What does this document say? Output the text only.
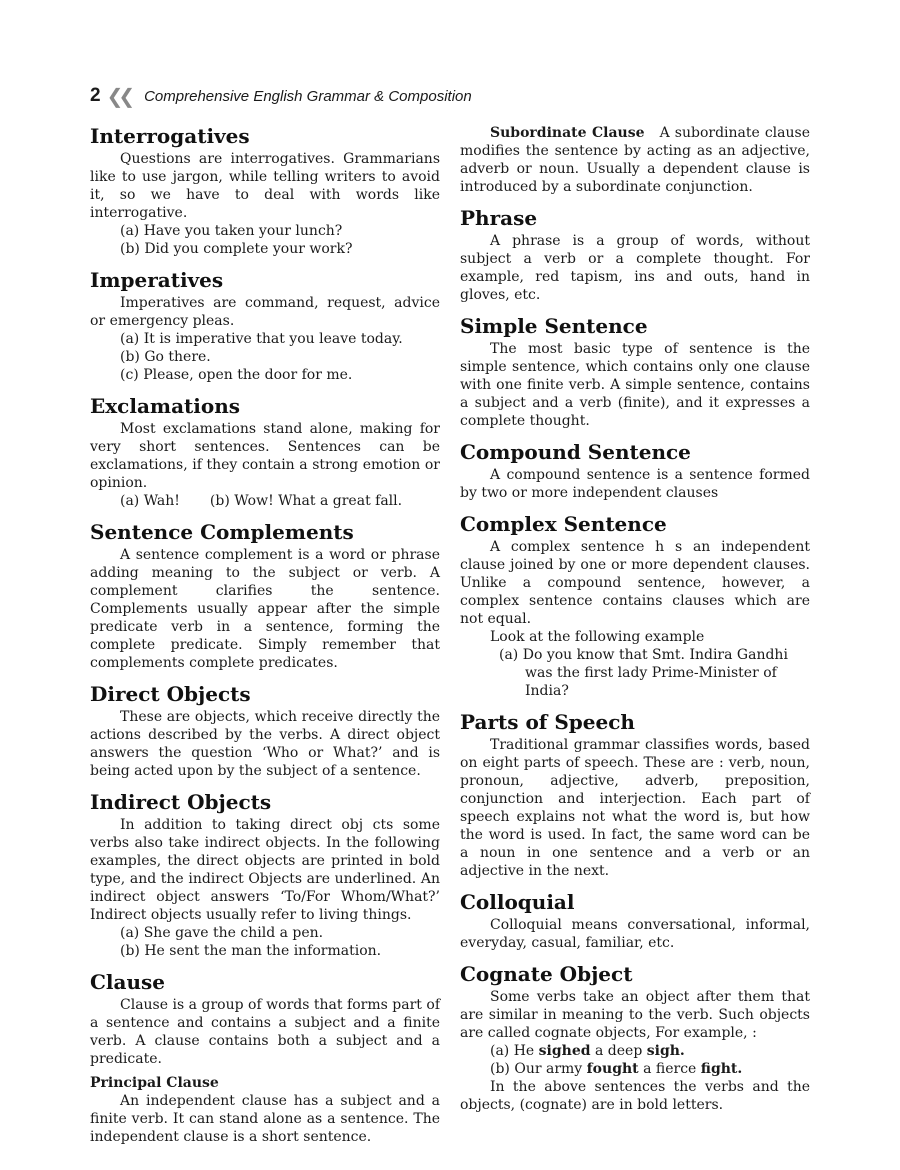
2 ❮❮ Comprehensive English Grammar & Composition
Interrogatives

Questions are interrogatives. Grammarians like to use jargon, while telling writers to avoid it, so we have to deal with words like interrogative.

(a) Have you taken your lunch?
(b) Did you complete your work?
Imperatives

Imperatives are command, request, advice or emergency pleas.

(a) It is imperative that you leave today.
(b) Go there.
(c) Please, open the door for me.
Exclamations

Most exclamations stand alone, making for very short sentences. Sentences can be exclamations, if they contain a strong emotion or opinion.

(a) Wah! (b) Wow! What a great fall.
Sentence Complements

A sentence complement is a word or phrase adding meaning to the subject or verb. A complement clarifies the sentence. Complements usually appear after the simple predicate verb in a sentence, forming the complete predicate. Simply remember that complements complete predicates.

Direct Objects

These are objects, which receive directly the actions described by the verbs. A direct object answers the question ‘Who or What?’ and is being acted upon by the subject of a sentence.

Indirect Objects

In addition to taking direct obj cts some verbs also take indirect objects. In the following examples, the direct objects are printed in bold type, and the indirect Objects are underlined. An indirect object answers ‘To/For Whom/What?’ Indirect objects usually refer to living things.

(a) She gave the child a pen.
(b) He sent the man the information.
Clause

Clause is a group of words that forms part of a sentence and contains a subject and a finite verb. A clause contains both a subject and a predicate.

Principal Clause

An independent clause has a subject and a finite verb. It can stand alone as a sentence. The independent clause is a short sentence.

Subordinate Clause A subordinate clause modifies the sentence by acting as an adjective, adverb or noun. Usually a dependent clause is introduced by a subordinate conjunction.

Phrase

A phrase is a group of words, without subject a verb or a complete thought. For example, red tapism, ins and outs, hand in gloves, etc.

Simple Sentence

The most basic type of sentence is the simple sentence, which contains only one clause with one finite verb. A simple sentence, contains a subject and a verb (finite), and it expresses a complete thought.

Compound Sentence

A compound sentence is a sentence formed by two or more independent clauses

Complex Sentence

A complex sentence h s an independent clause joined by one or more dependent clauses. Unlike a compound sentence, however, a complex sentence contains clauses which are not equal.

Look at the following example

(a) Do you know that Smt. Indira Gandhi was the first lady Prime-Minister of India?
Parts of Speech

Traditional grammar classifies words, based on eight parts of speech. These are : verb, noun, pronoun, adjective, adverb, preposition, conjunction and interjection. Each part of speech explains not what the word is, but how the word is used. In fact, the same word can be a noun in one sentence and a verb or an adjective in the next.

Colloquial

Colloquial means conversational, informal, everyday, casual, familiar, etc.

Cognate Object

Some verbs take an object after them that are similar in meaning to the verb. Such objects are called cognate objects, For example, :

(a) He sighed a deep sigh.
(b) Our army fought a fierce fight.

In the above sentences the verbs and the objects, (cognate) are in bold letters.
